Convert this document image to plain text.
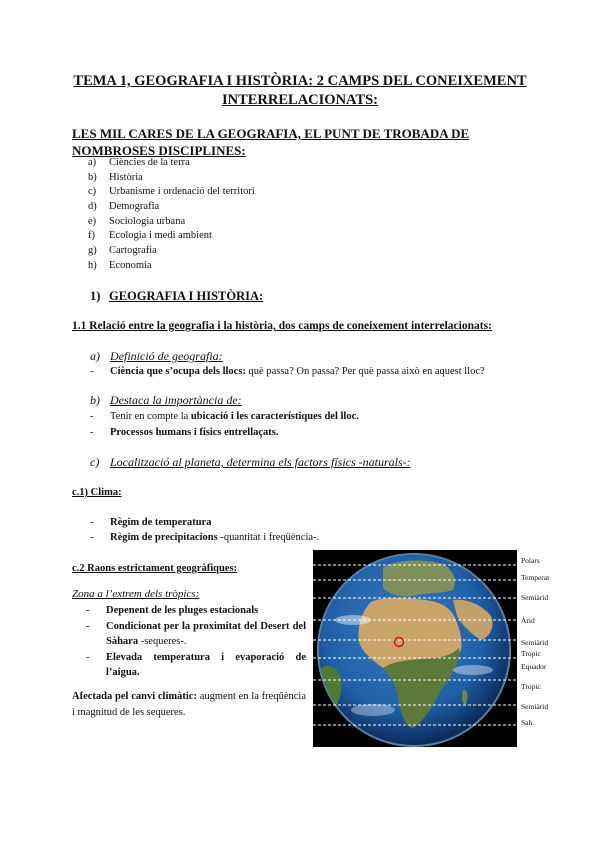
TEMA 1, GEOGRAFIA I HISTÒRIA: 2 CAMPS DEL CONEIXEMENT INTERRELACIONATS:
LES MIL CARES DE LA GEOGRAFIA, EL PUNT DE TROBADA DE NOMBROSES DISCIPLINES:
a) Ciències de la terra
b) Història
c) Urbanisme i ordenació del territori
d) Demografia
e) Sociologia urbana
f) Ecologia i medi ambient
g) Cartografia
h) Economia
1) GEOGRAFIA I HISTÒRIA:
1.1 Relació entre la geografia i la història, dos camps de coneixement interrelacionats:
a) Definició de geografia:
- Ciència que s’ocupa dels llocs: què passa? On passa? Per què passa això en aquest lloc?
b) Destaca la importància de:
- Tenir en compte la ubicació i les característiques del lloc.
- Processos humans i físics entrellaçats.
c) Localització al planeta, determina els factors físics -naturals-:
c.1) Clima:
- Règim de temperatura
- Règim de precipitacions -quantitat i freqüència-.
c.2 Raons estrictament geogràfiques:
Zona a l’extrem dels tròpics:
- Depenent de les pluges estacionals
- Condicionat per la proximitat del Desert del Sàhara -sequeres-.
- Elevada temperatura i evaporació de l’aigua.
Afectada pel canvi climàtic: augment en la freqüència i magnitud de les sequeres.
Polars
Temperat
Semiàrid
Àrid
Semiàrid
Tropic
Equador
Tropic
Semiàrid
Sah.
